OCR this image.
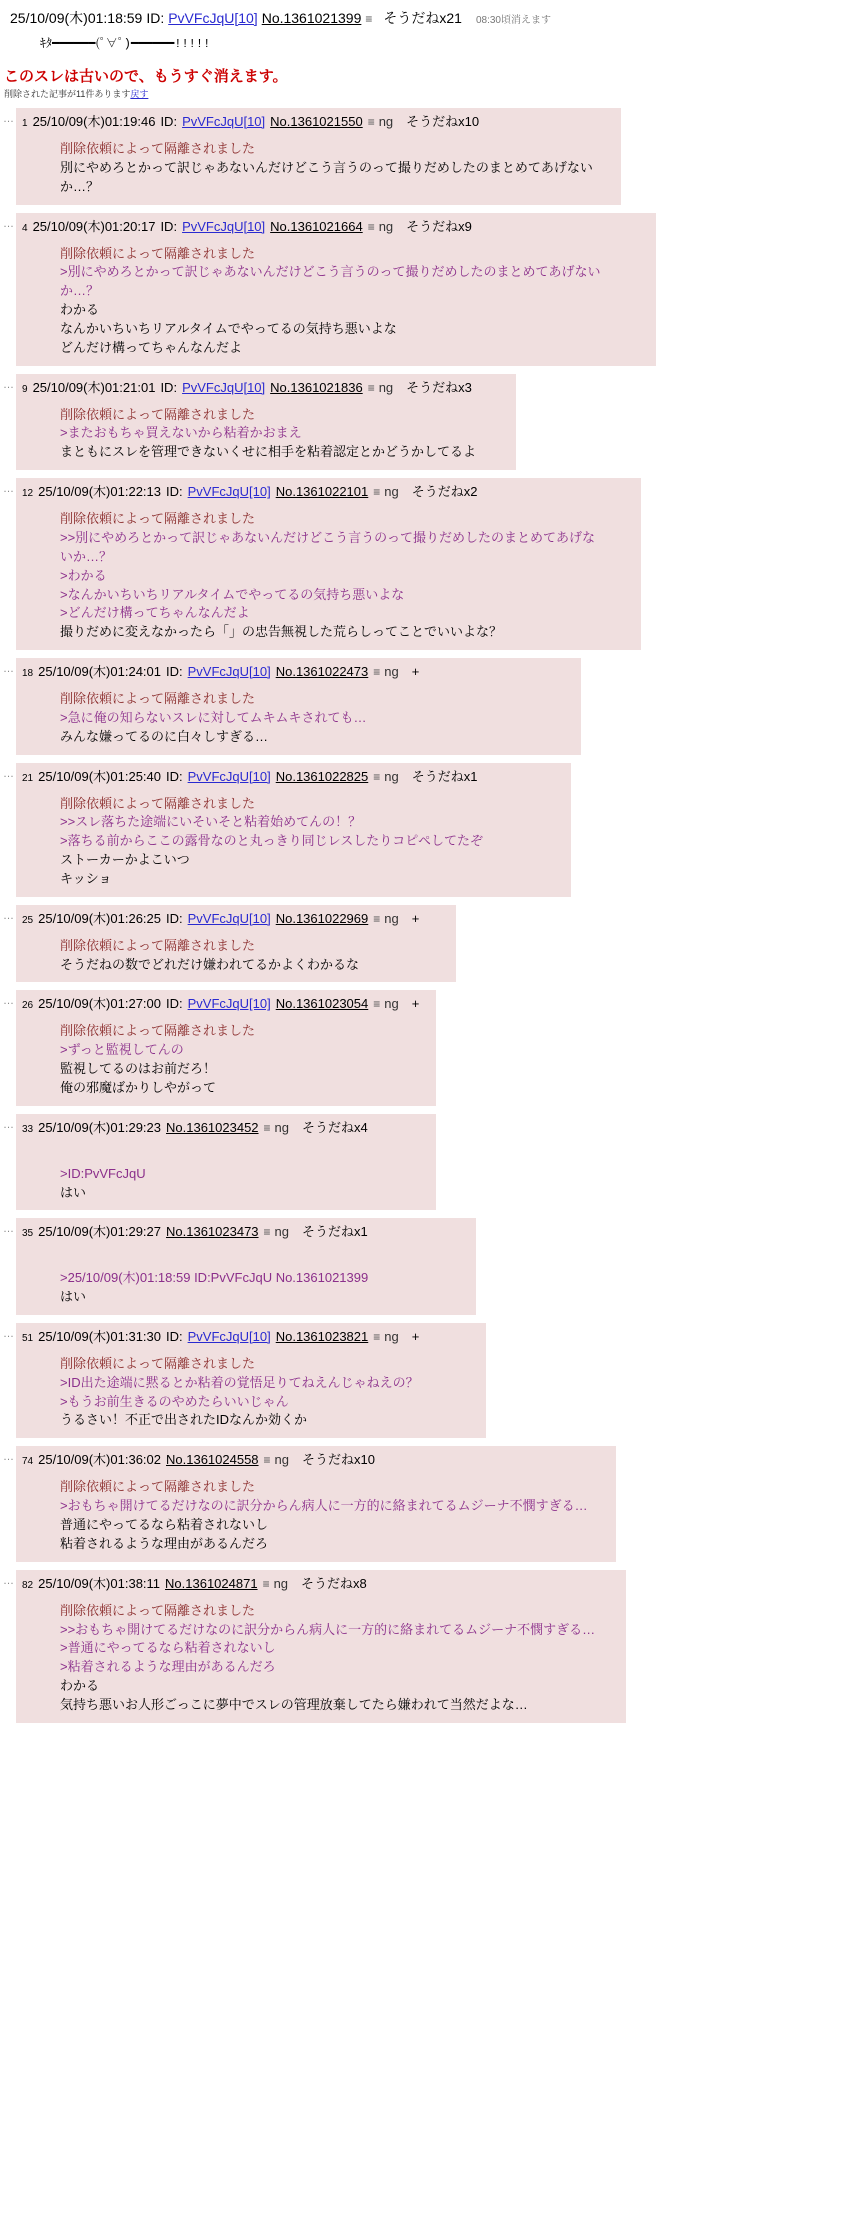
25/10/09(木)01:18:59 ID: PvVFcJqU[10] No.1361021399 ≡ そうだねx21 08:30頃消えます
ｷﾀ━━━━━━(ﾟ∀ﾟ)━━━━━━!!!!!
このスレは古いので、もうすぐ消えます。
削除された記事が11件あります戻す
… 1 25/10/09(木)01:19:46 ID: PvVFcJqU[10] No.1361021550 ≡ ng そうだねx10
削除依頼によって隔離されました
別にやめろとかって訳じゃあないんだけどこう言うのって撮りだめしたのまとめてあげない
か…？
… 4 25/10/09(木)01:20:17 ID: PvVFcJqU[10] No.1361021664 ≡ ng そうだねx9
削除依頼によって隔離されました
>別にやめろとかって訳じゃあないんだけどこう言うのって撮りだめしたのまとめてあげない
か…？
わかる
なんかいちいちリアルタイムでやってるの気持ち悪いよな
どんだけ構ってちゃんなんだよ
… 9 25/10/09(木)01:21:01 ID: PvVFcJqU[10] No.1361021836 ≡ ng そうだねx3
削除依頼によって隔離されました
>またおもちゃ買えないから粘着かおまえ
まともにスレを管理できないくせに相手を粘着認定とかどうかしてるよ
… 12 25/10/09(木)01:22:13 ID: PvVFcJqU[10] No.1361022101 ≡ ng そうだねx2
削除依頼によって隔離されました
>>別にやめろとかって訳じゃあないんだけどこう言うのって撮りだめしたのまとめてあげな
いか…？
>わかる
>なんかいちいちリアルタイムでやってるの気持ち悪いよな
>どんだけ構ってちゃんなんだよ
撮りだめに変えなかったら「」の忠告無視した荒らしってことでいいよな？
… 18 25/10/09(木)01:24:01 ID: PvVFcJqU[10] No.1361022473 ≡ ng +
削除依頼によって隔離されました
>急に俺の知らないスレに対してムキムキされても…
みんな嫌ってるのに白々しすぎる…
… 21 25/10/09(木)01:25:40 ID: PvVFcJqU[10] No.1361022825 ≡ ng そうだねx1
削除依頼によって隔離されました
>>スレ落ちた途端にいそいそと粘着始めてんの！？
>落ちる前からここの露骨なのと丸っきり同じレスしたりコピペしてたぞ
ストーカーかよこいつ
キッショ
… 25 25/10/09(木)01:26:25 ID: PvVFcJqU[10] No.1361022969 ≡ ng +
削除依頼によって隔離されました
そうだねの数でどれだけ嫌われてるかよくわかるな
… 26 25/10/09(木)01:27:00 ID: PvVFcJqU[10] No.1361023054 ≡ ng +
削除依頼によって隔離されました
>ずっと監視してんの
監視してるのはお前だろ！
俺の邪魔ばかりしやがって
… 33 25/10/09(木)01:29:23 No.1361023452 ≡ ng そうだねx4

>ID:PvVFcJqU
はい
… 35 25/10/09(木)01:29:27 No.1361023473 ≡ ng そうだねx1

>25/10/09(木)01:18:59 ID:PvVFcJqU No.1361021399
はい
… 51 25/10/09(木)01:31:30 ID: PvVFcJqU[10] No.1361023821 ≡ ng +
削除依頼によって隔離されました
>ID出た途端に黙るとか粘着の覚悟足りてねえんじゃねえの？
>もうお前生きるのやめたらいいじゃん
うるさい！不正で出されたIDなんか効くか
… 74 25/10/09(木)01:36:02 No.1361024558 ≡ ng そうだねx10
削除依頼によって隔離されました
>おもちゃ開けてるだけなのに訳分からん病人に一方的に絡まれてるムジーナ不憫すぎる…
普通にやってるなら粘着されないし
粘着されるような理由があるんだろ
… 82 25/10/09(木)01:38:11 No.1361024871 ≡ ng そうだねx8
削除依頼によって隔離されました
>>おもちゃ開けてるだけなのに訳分からん病人に一方的に絡まれてるムジーナ不憫すぎる…
>普通にやってるなら粘着されないし
>粘着されるような理由があるんだろ
わかる
気持ち悪いお人形ごっこに夢中でスレの管理放棄してたら嫌われて当然だよな…
